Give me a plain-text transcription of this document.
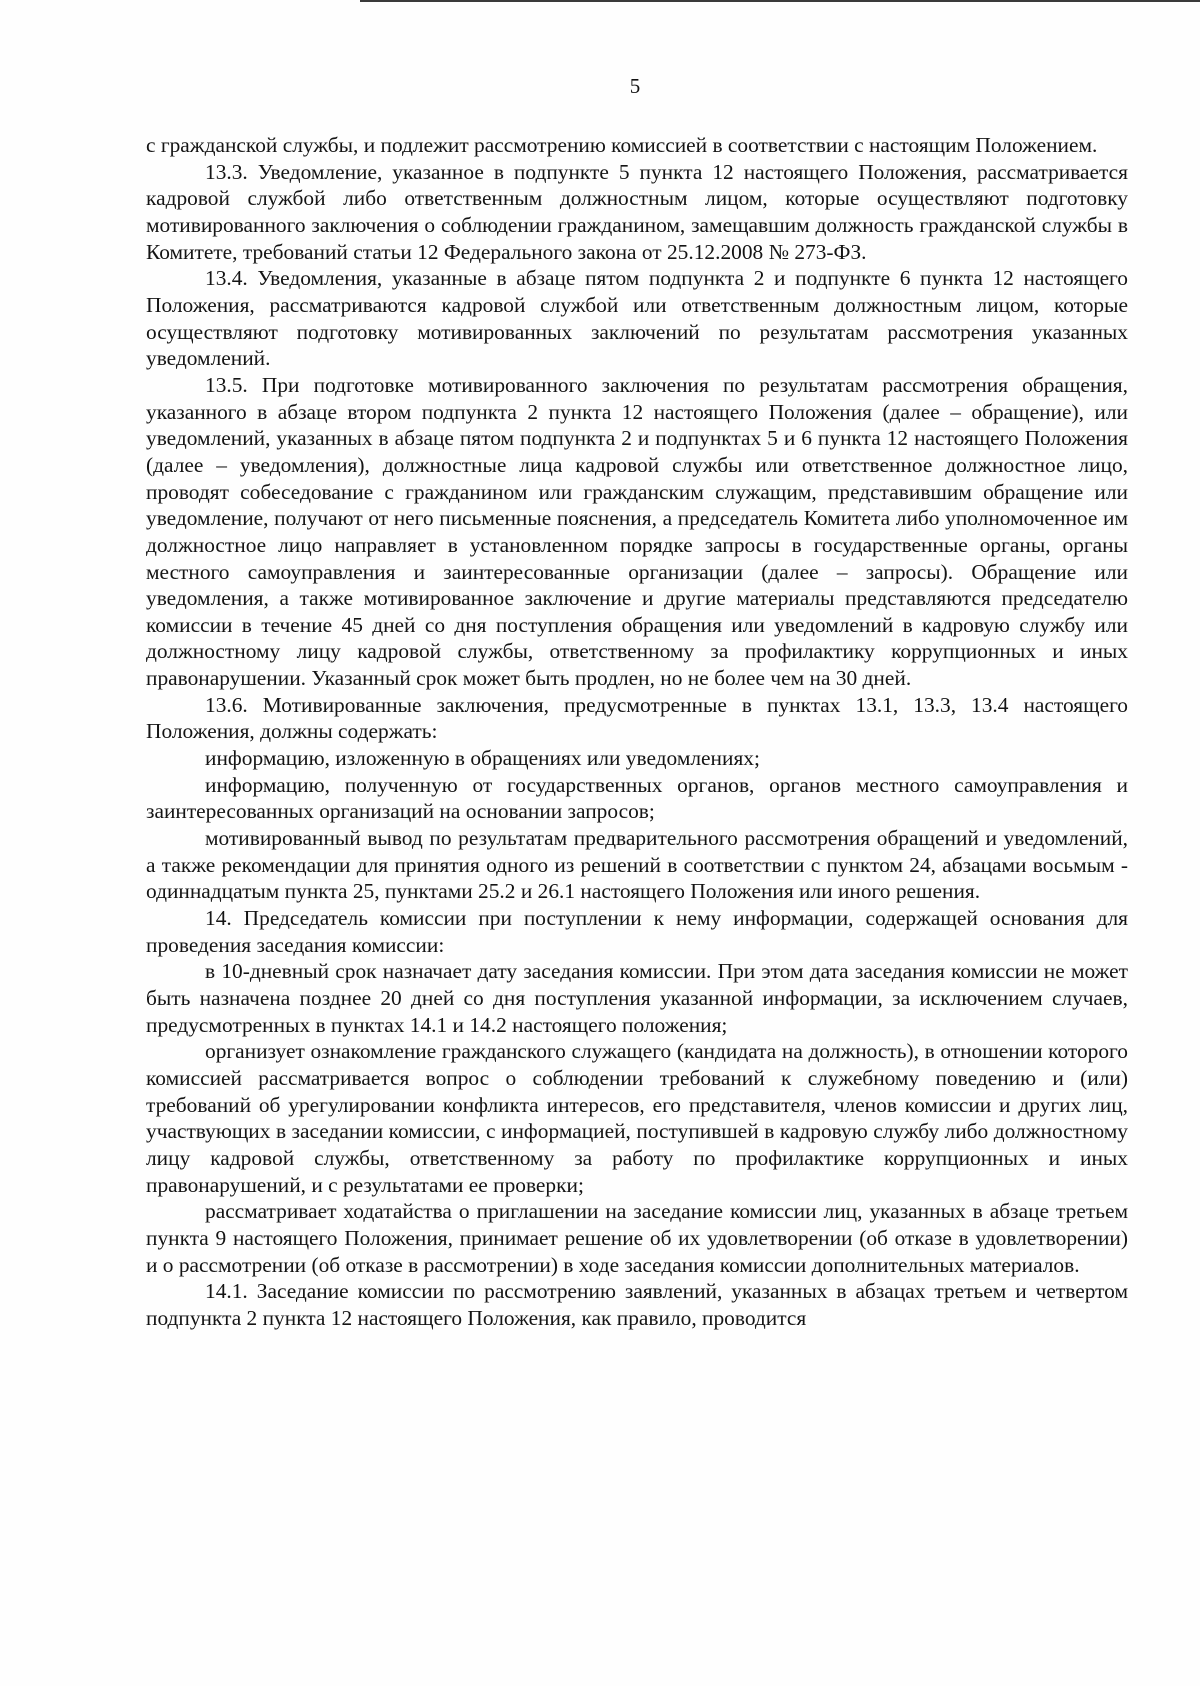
5

с гражданской службы, и подлежит рассмотрению комиссией в соответствии с настоящим Положением.

13.3. Уведомление, указанное в подпункте 5 пункта 12 настоящего Положения, рассматривается кадровой службой либо ответственным должностным лицом, которые осуществляют подготовку мотивированного заключения о соблюдении гражданином, замещавшим должность гражданской службы в Комитете, требований статьи 12 Федерального закона от 25.12.2008 № 273-ФЗ.

13.4. Уведомления, указанные в абзаце пятом подпункта 2 и подпункте 6 пункта 12 настоящего Положения, рассматриваются кадровой службой или ответственным должностным лицом, которые осуществляют подготовку мотивированных заключений по результатам рассмотрения указанных уведомлений.

13.5. При подготовке мотивированного заключения по результатам рассмотрения обращения, указанного в абзаце втором подпункта 2 пункта 12 настоящего Положения (далее – обращение), или уведомлений, указанных в абзаце пятом подпункта 2 и подпунктах 5 и 6 пункта 12 настоящего Положения (далее – уведомления), должностные лица кадровой службы или ответственное должностное лицо, проводят собеседование с гражданином или гражданским служащим, представившим обращение или уведомление, получают от него письменные пояснения, а председатель Комитета либо уполномоченное им должностное лицо направляет в установленном порядке запросы в государственные органы, органы местного самоуправления и заинтересованные организации (далее – запросы). Обращение или уведомления, а также мотивированное заключение и другие материалы представляются председателю комиссии в течение 45 дней со дня поступления обращения или уведомлений в кадровую службу или должностному лицу кадровой службы, ответственному за профилактику коррупционных и иных правонарушении. Указанный срок может быть продлен, но не более чем на 30 дней.

13.6. Мотивированные заключения, предусмотренные в пунктах 13.1, 13.3, 13.4 настоящего Положения, должны содержать:

информацию, изложенную в обращениях или уведомлениях;

информацию, полученную от государственных органов, органов местного самоуправления и заинтересованных организаций на основании запросов;

мотивированный вывод по результатам предварительного рассмотрения обращений и уведомлений, а также рекомендации для принятия одного из решений в соответствии с пунктом 24, абзацами восьмым - одиннадцатым пункта 25, пунктами 25.2 и 26.1 настоящего Положения или иного решения.

14. Председатель комиссии при поступлении к нему информации, содержащей основания для проведения заседания комиссии:

в 10-дневный срок назначает дату заседания комиссии. При этом дата заседания комиссии не может быть назначена позднее 20 дней со дня поступления указанной информации, за исключением случаев, предусмотренных в пунктах 14.1 и 14.2 настоящего положения;

организует ознакомление гражданского служащего (кандидата на должность), в отношении которого комиссией рассматривается вопрос о соблюдении требований к служебному поведению и (или) требований об урегулировании конфликта интересов, его представителя, членов комиссии и других лиц, участвующих в заседании комиссии, с информацией, поступившей в кадровую службу либо должностному лицу кадровой службы, ответственному за работу по профилактике коррупционных и иных правонарушений, и с результатами ее проверки;

рассматривает ходатайства о приглашении на заседание комиссии лиц, указанных в абзаце третьем пункта 9 настоящего Положения, принимает решение об их удовлетворении (об отказе в удовлетворении) и о рассмотрении (об отказе в рассмотрении) в ходе заседания комиссии дополнительных материалов.

14.1. Заседание комиссии по рассмотрению заявлений, указанных в абзацах третьем и четвертом подпункта 2 пункта 12 настоящего Положения, как правило, проводится
